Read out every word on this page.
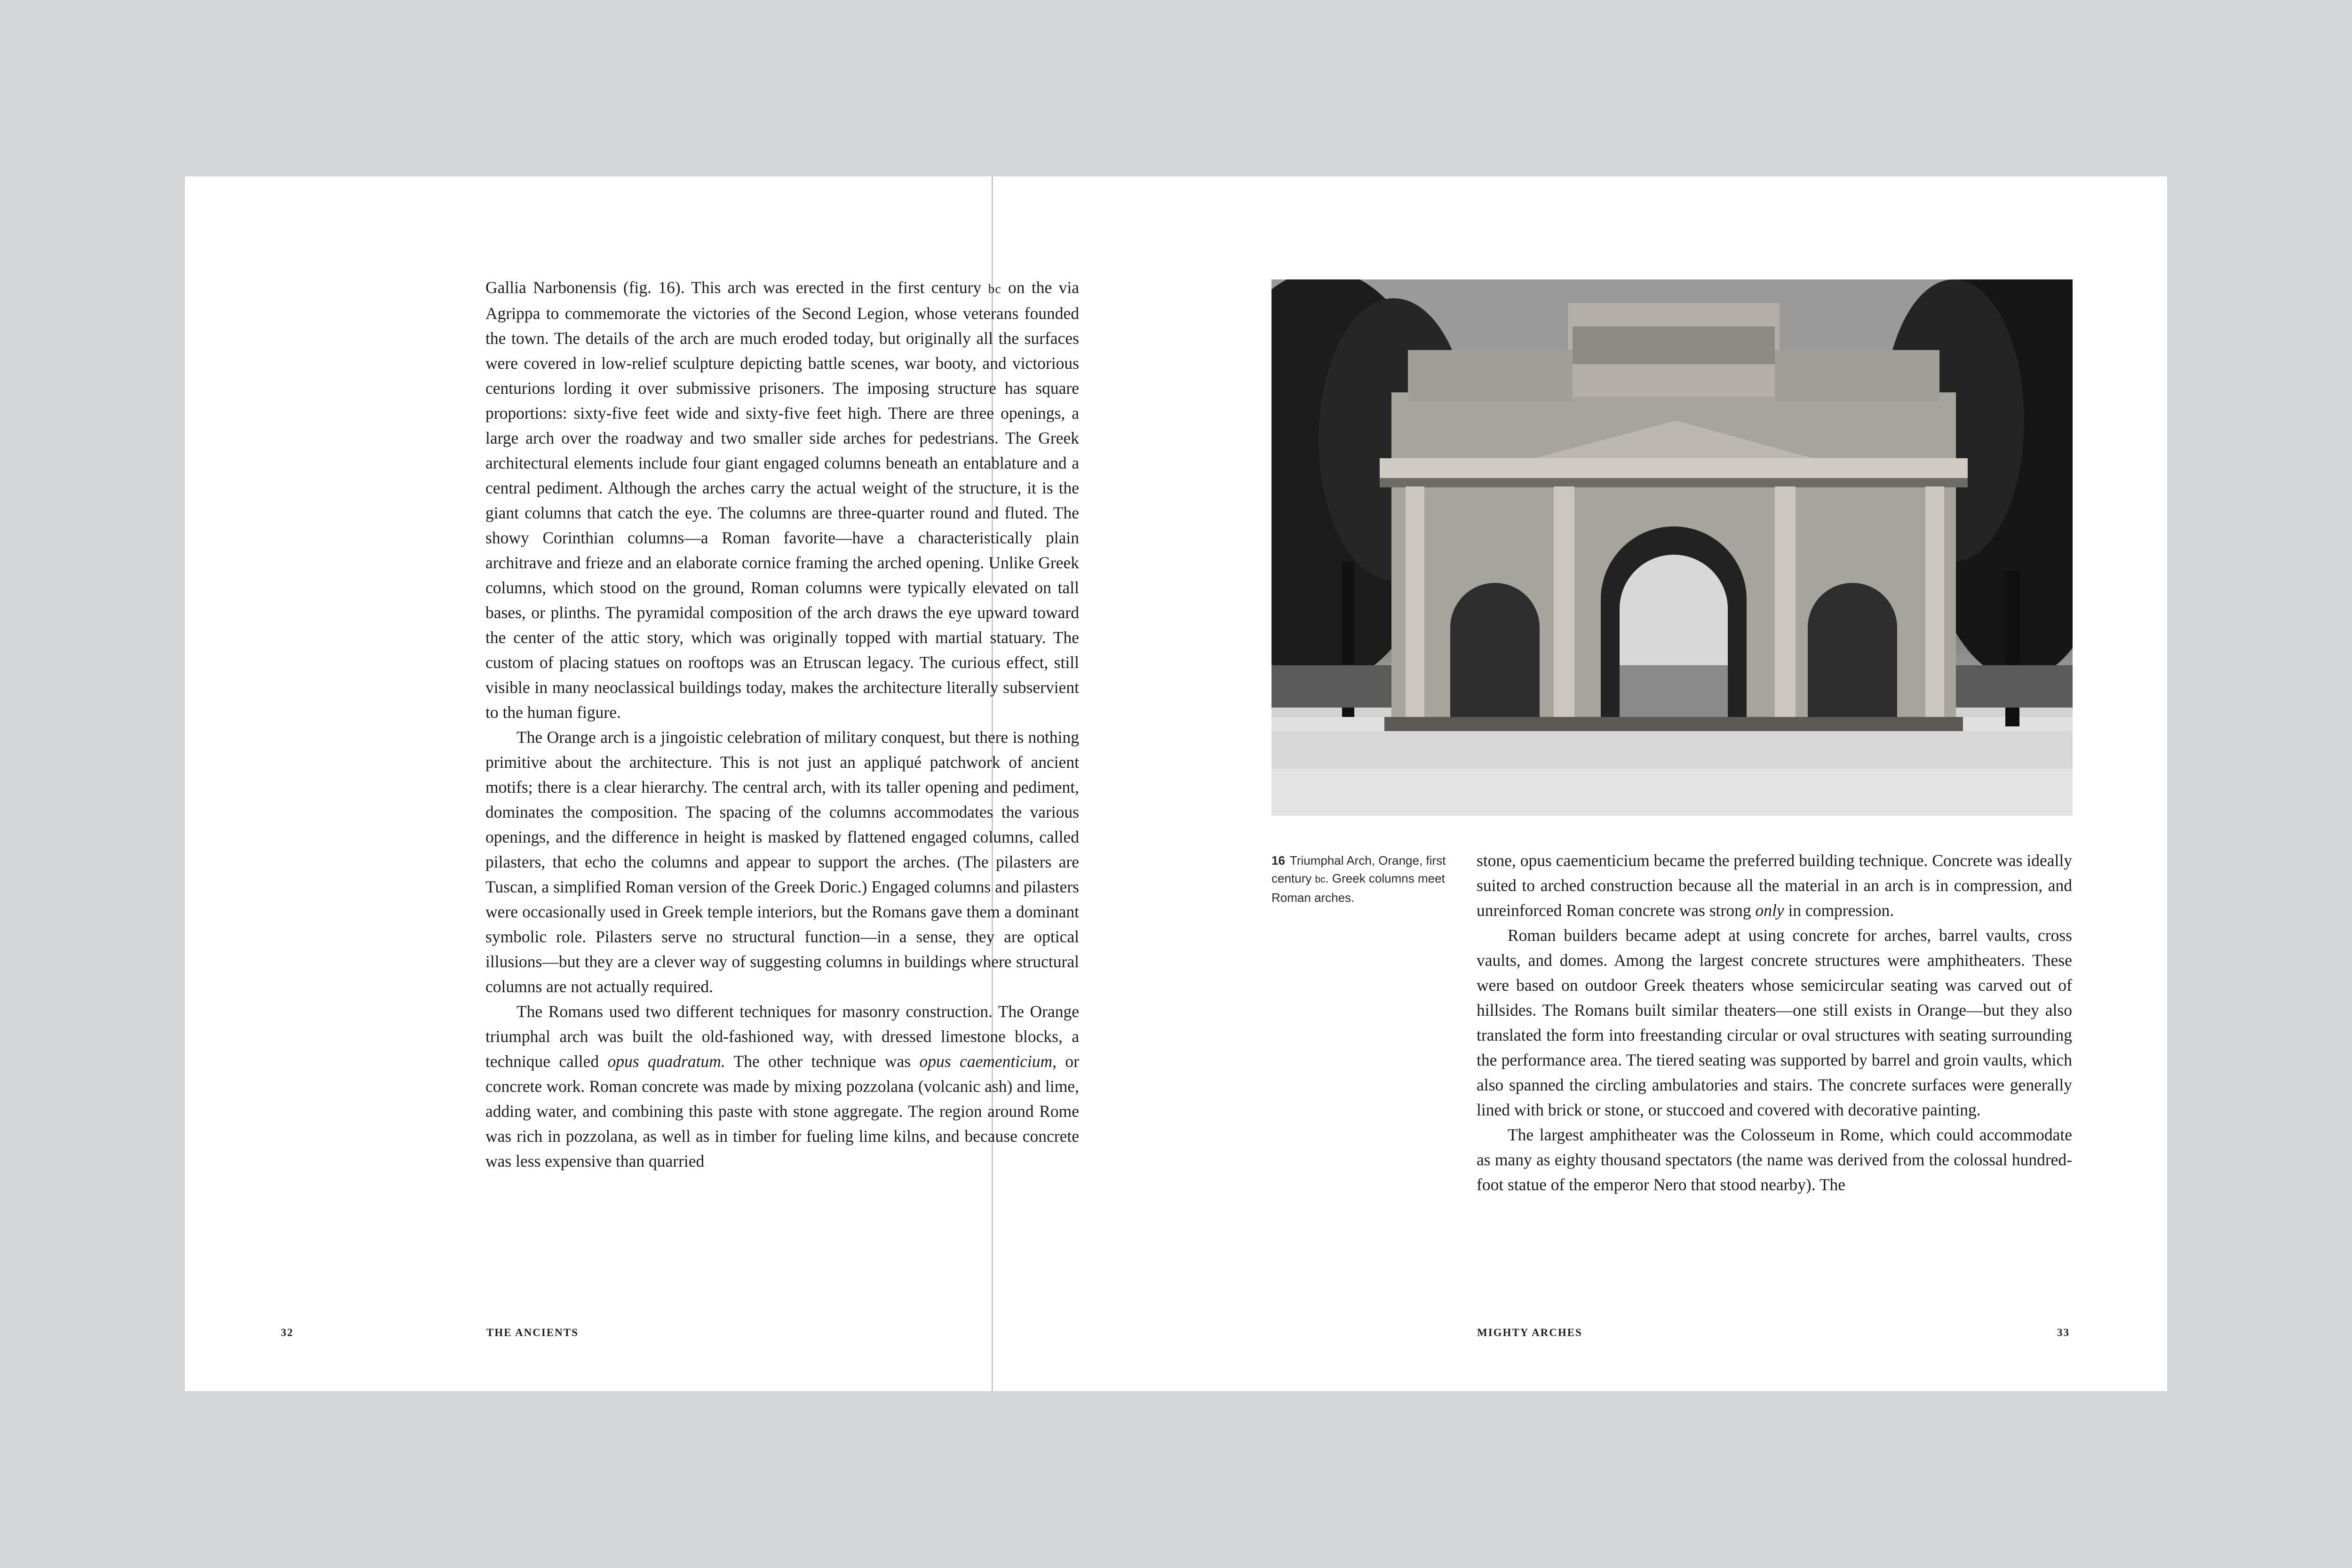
Gallia Narbonensis (fig. 16). This arch was erected in the first century bc on the via Agrippa to commemorate the victories of the Second Legion, whose veterans founded the town. The details of the arch are much eroded today, but originally all the surfaces were covered in low-relief sculpture depicting battle scenes, war booty, and victorious centurions lording it over submissive prisoners. The imposing structure has square proportions: sixty-five feet wide and sixty-five feet high. There are three openings, a large arch over the roadway and two smaller side arches for pedestrians. The Greek architectural elements include four giant engaged columns beneath an entablature and a central pediment. Although the arches carry the actual weight of the structure, it is the giant columns that catch the eye. The columns are three-quarter round and fluted. The showy Corinthian columns—a Roman favorite—have a characteristically plain architrave and frieze and an elaborate cornice framing the arched opening. Unlike Greek columns, which stood on the ground, Roman columns were typically elevated on tall bases, or plinths. The pyramidal composition of the arch draws the eye upward toward the center of the attic story, which was originally topped with martial statuary. The custom of placing statues on rooftops was an Etruscan legacy. The curious effect, still visible in many neoclassical buildings today, makes the architecture literally subservient to the human figure.

The Orange arch is a jingoistic celebration of military conquest, but there is nothing primitive about the architecture. This is not just an appliqué patchwork of ancient motifs; there is a clear hierarchy. The central arch, with its taller opening and pediment, dominates the composition. The spacing of the columns accommodates the various openings, and the difference in height is masked by flattened engaged columns, called pilasters, that echo the columns and appear to support the arches. (The pilasters are Tuscan, a simplified Roman version of the Greek Doric.) Engaged columns and pilasters were occasionally used in Greek temple interiors, but the Romans gave them a dominant symbolic role. Pilasters serve no structural function—in a sense, they are optical illusions—but they are a clever way of suggesting columns in buildings where structural columns are not actually required.

The Romans used two different techniques for masonry construction. The Orange triumphal arch was built the old-fashioned way, with dressed limestone blocks, a technique called opus quadratum. The other technique was opus caementicium, or concrete work. Roman concrete was made by mixing pozzolana (volcanic ash) and lime, adding water, and combining this paste with stone aggregate. The region around Rome was rich in pozzolana, as well as in timber for fueling lime kilns, and because concrete was less expensive than quarried

32	THE ANCIENTS
16 Triumphal Arch, Orange, first century bc. Greek columns meet Roman arches.

stone, opus caementicium became the preferred building technique. Concrete was ideally suited to arched construction because all the material in an arch is in compression, and unreinforced Roman concrete was strong only in compression.

Roman builders became adept at using concrete for arches, barrel vaults, cross vaults, and domes. Among the largest concrete structures were amphitheaters. These were based on outdoor Greek theaters whose semicircular seating was carved out of hillsides. The Romans built similar theaters—one still exists in Orange—but they also translated the form into freestanding circular or oval structures with seating surrounding the performance area. The tiered seating was supported by barrel and groin vaults, which also spanned the circling ambulatories and stairs. The concrete surfaces were generally lined with brick or stone, or stuccoed and covered with decorative painting.

The largest amphitheater was the Colosseum in Rome, which could accommodate as many as eighty thousand spectators (the name was derived from the colossal hundred-foot statue of the emperor Nero that stood nearby). The

MIGHTY ARCHES	33
